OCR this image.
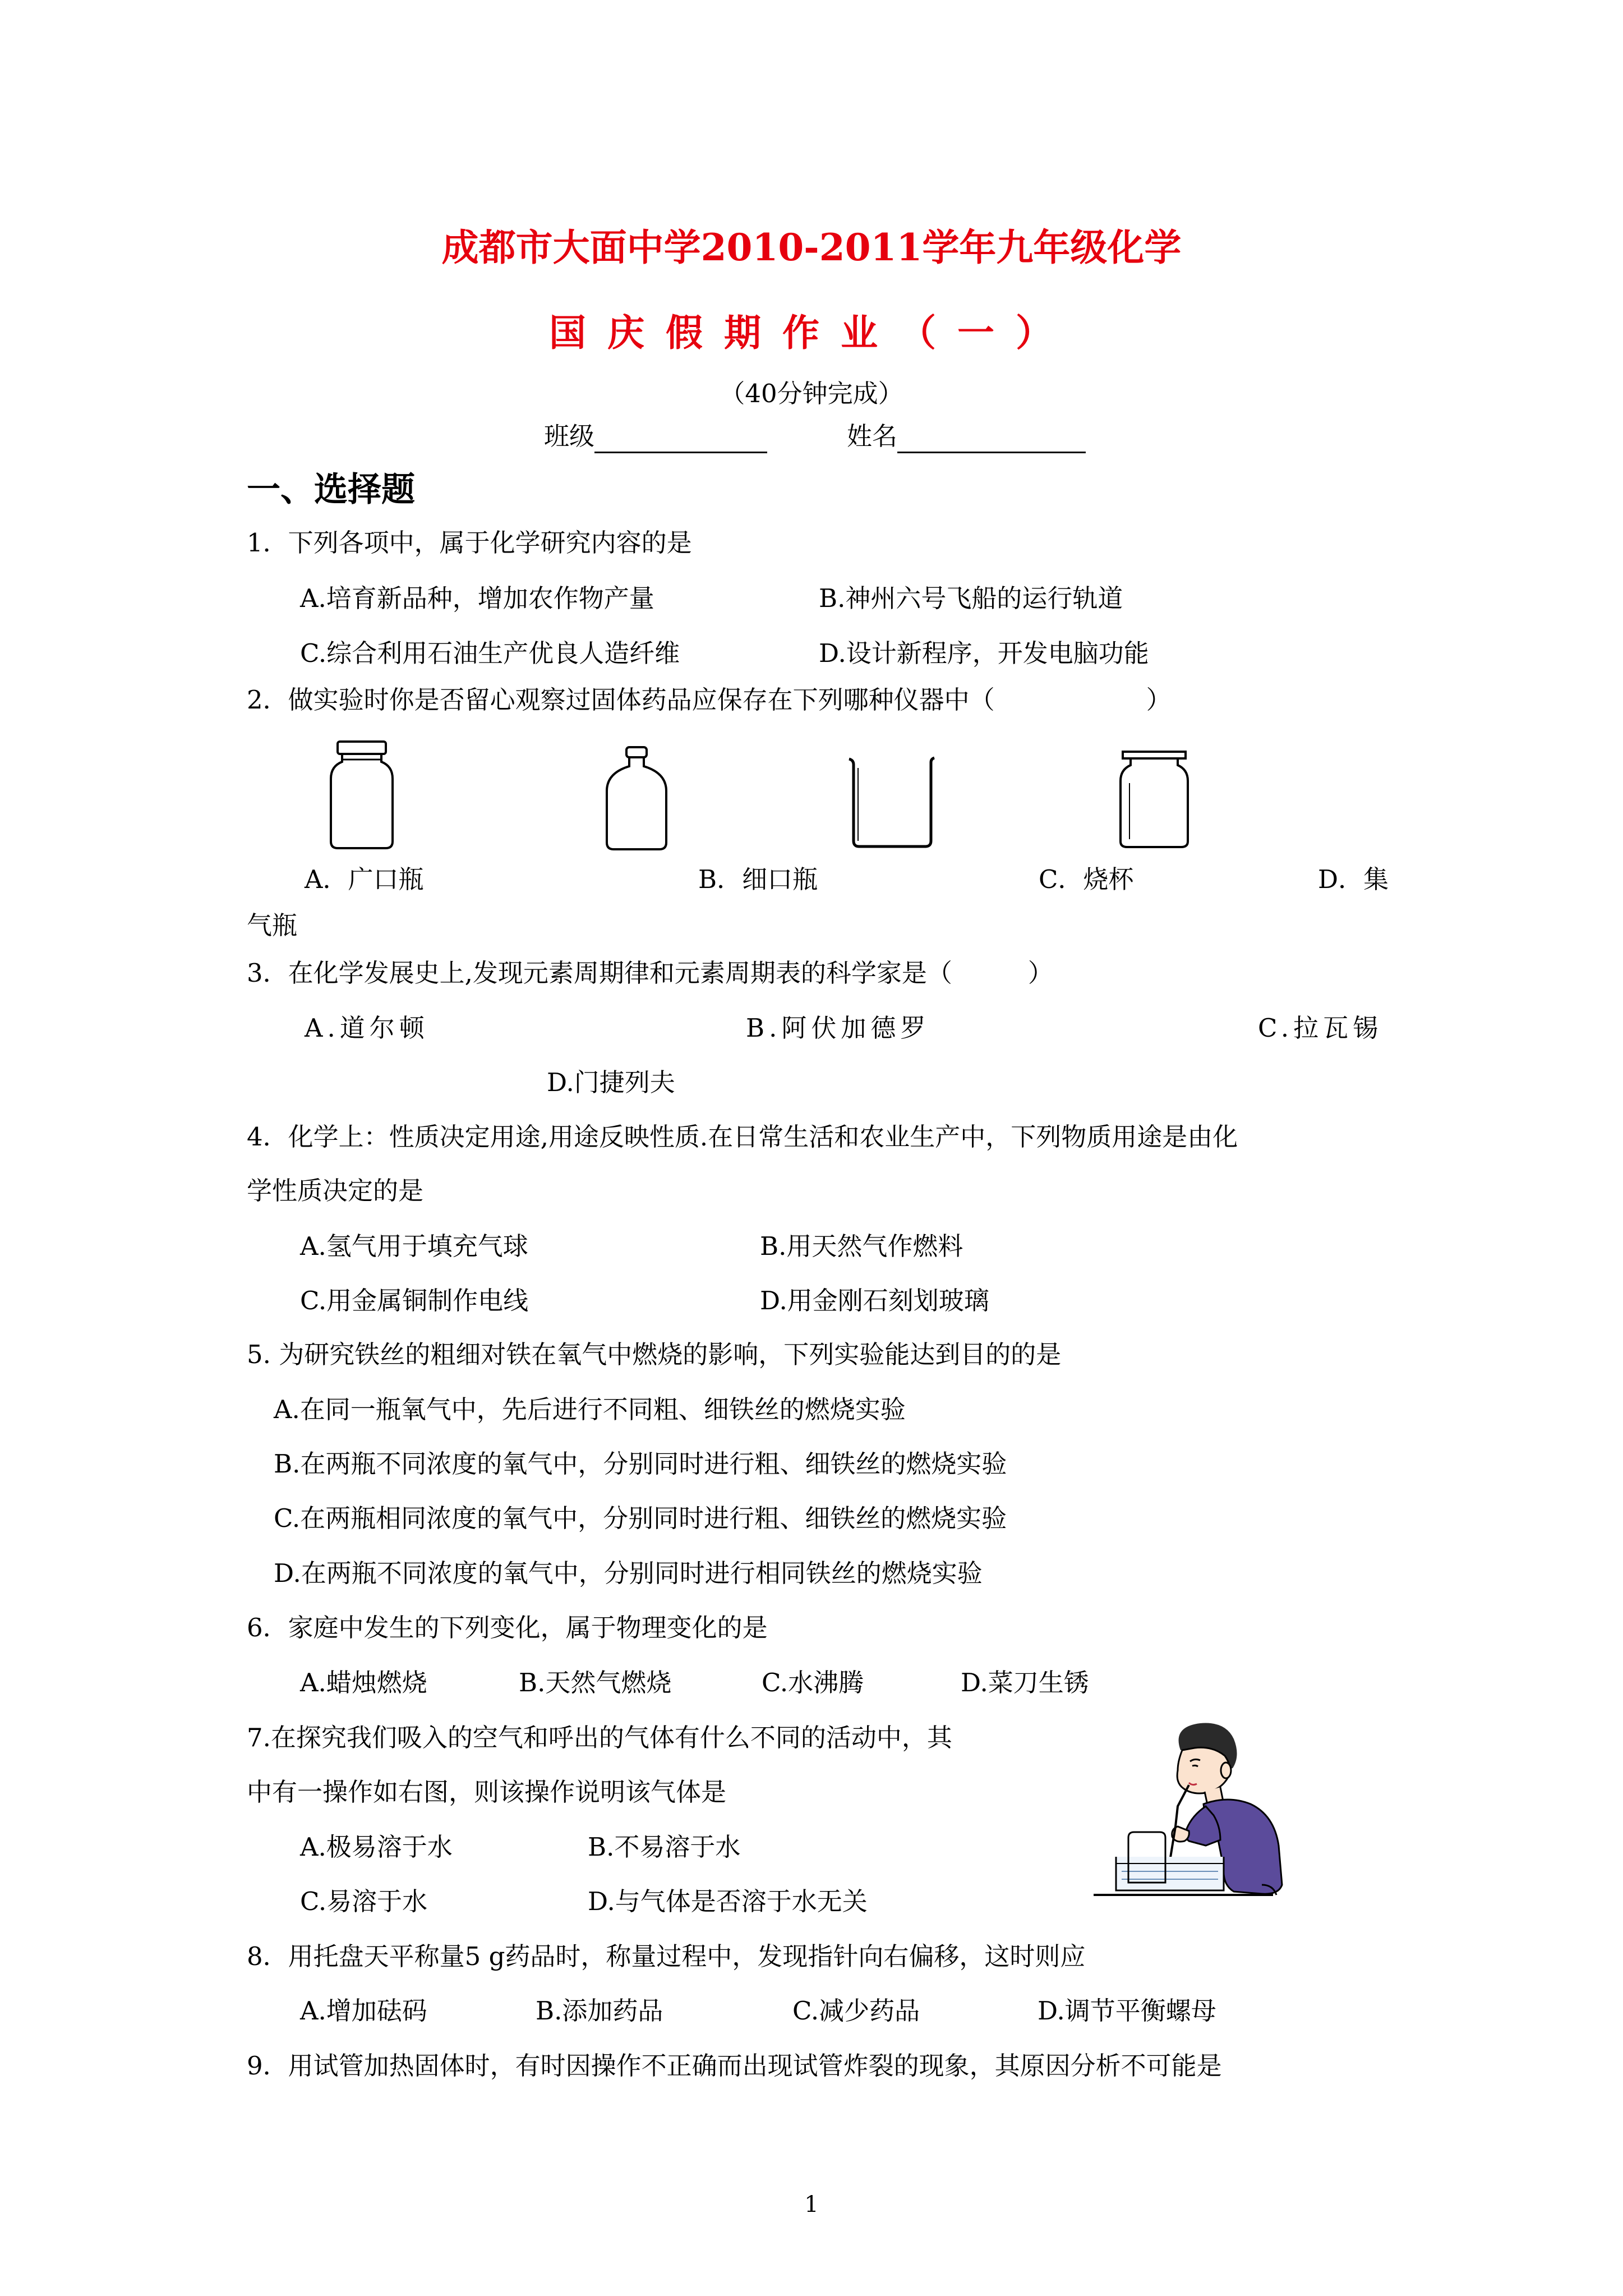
成都市大面中学2010-2011学年九年级化学
国庆假期作业（一）
（40分钟完成）
班级	姓名
一、选择题
1．下列各项中，属于化学研究内容的是
A.培育新品种，增加农作物产量	B.神州六号飞船的运行轨道
C.综合利用石油生产优良人造纤维	D.设计新程序，开发电脑功能
2．做实验时你是否留心观察过固体药品应保存在下列哪种仪器中（　　　　　　）
A．广口瓶	B．细口瓶	C．烧杯	D．集
气瓶
3．在化学发展史上,发现元素周期律和元素周期表的科学家是（　　　）
A.道尔顿	B.阿伏加德罗	C.拉瓦锡
D.门捷列夫
4．化学上：性质决定用途,用途反映性质.在日常生活和农业生产中，下列物质用途是由化
学性质决定的是
A.氢气用于填充气球	B.用天然气作燃料
C.用金属铜制作电线	D.用金刚石刻划玻璃
5. 为研究铁丝的粗细对铁在氧气中燃烧的影响，下列实验能达到目的的是
A.在同一瓶氧气中，先后进行不同粗、细铁丝的燃烧实验
B.在两瓶不同浓度的氧气中，分别同时进行粗、细铁丝的燃烧实验
C.在两瓶相同浓度的氧气中，分别同时进行粗、细铁丝的燃烧实验
D.在两瓶不同浓度的氧气中，分别同时进行相同铁丝的燃烧实验
6．家庭中发生的下列变化，属于物理变化的是
A.蜡烛燃烧	B.天然气燃烧	C.水沸腾	D.菜刀生锈
7.在探究我们吸入的空气和呼出的气体有什么不同的活动中，其
中有一操作如右图，则该操作说明该气体是
A.极易溶于水	B.不易溶于水
C.易溶于水	D.与气体是否溶于水无关
8．用托盘天平称量5 g药品时，称量过程中，发现指针向右偏移，这时则应
A.增加砝码	B.添加药品	C.减少药品	D.调节平衡螺母
9．用试管加热固体时，有时因操作不正确而出现试管炸裂的现象，其原因分析不可能是
1
